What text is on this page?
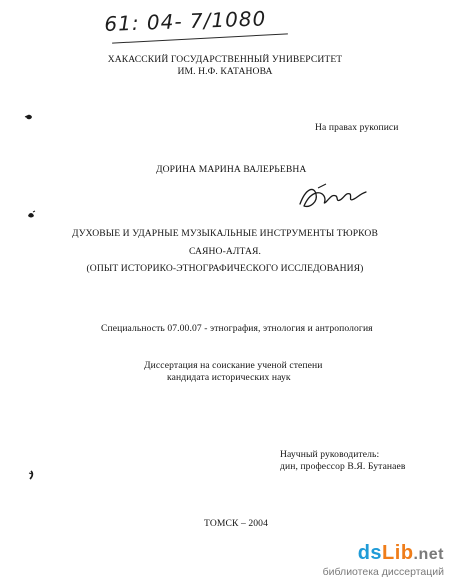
61: 04- 7/1080
ХАКАССКИЙ ГОСУДАРСТВЕННЫЙ УНИВЕРСИТЕТ
ИМ. Н.Ф. КАТАНОВА
На правах рукописи
ДОРИНА МАРИНА ВАЛЕРЬЕВНА
ДУХОВЫЕ И УДАРНЫЕ МУЗЫКАЛЬНЫЕ ИНСТРУМЕНТЫ ТЮРКОВ
САЯНО-АЛТАЯ.
(ОПЫТ ИСТОРИКО-ЭТНОГРАФИЧЕСКОГО ИССЛЕДОВАНИЯ)
Специальность 07.00.07 - этнография, этнология и антропология
Диссертация на соискание ученой степени
кандидата исторических наук
Научный руководитель:
дин, профессор В.Я. Бутанаев
ТОМСК – 2004
dsLib.net
библиотека диссертаций
